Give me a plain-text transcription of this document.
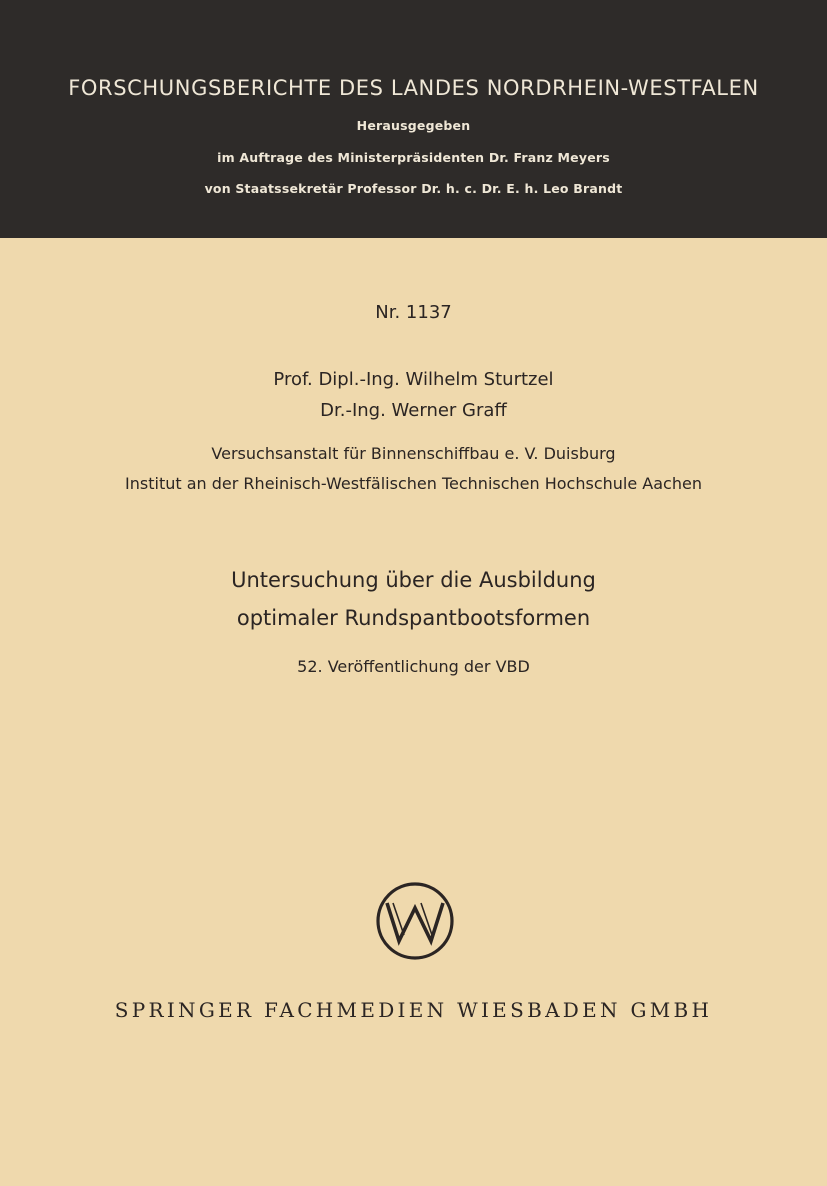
FORSCHUNGSBERICHTE DES LANDES NORDRHEIN-WESTFALEN
Herausgegeben
im Auftrage des Ministerpräsidenten Dr. Franz Meyers
von Staatssekretär Professor Dr. h. c. Dr. E. h. Leo Brandt
Nr. 1137
Prof. Dipl.-Ing. Wilhelm Sturtzel
Dr.-Ing. Werner Graff
Versuchsanstalt für Binnenschiffbau e. V. Duisburg
Institut an der Rheinisch-Westfälischen Technischen Hochschule Aachen
Untersuchung über die Ausbildung
optimaler Rundspantbootsformen
52. Veröffentlichung der VBD
SPRINGER FACHMEDIEN WIESBADEN GMBH
